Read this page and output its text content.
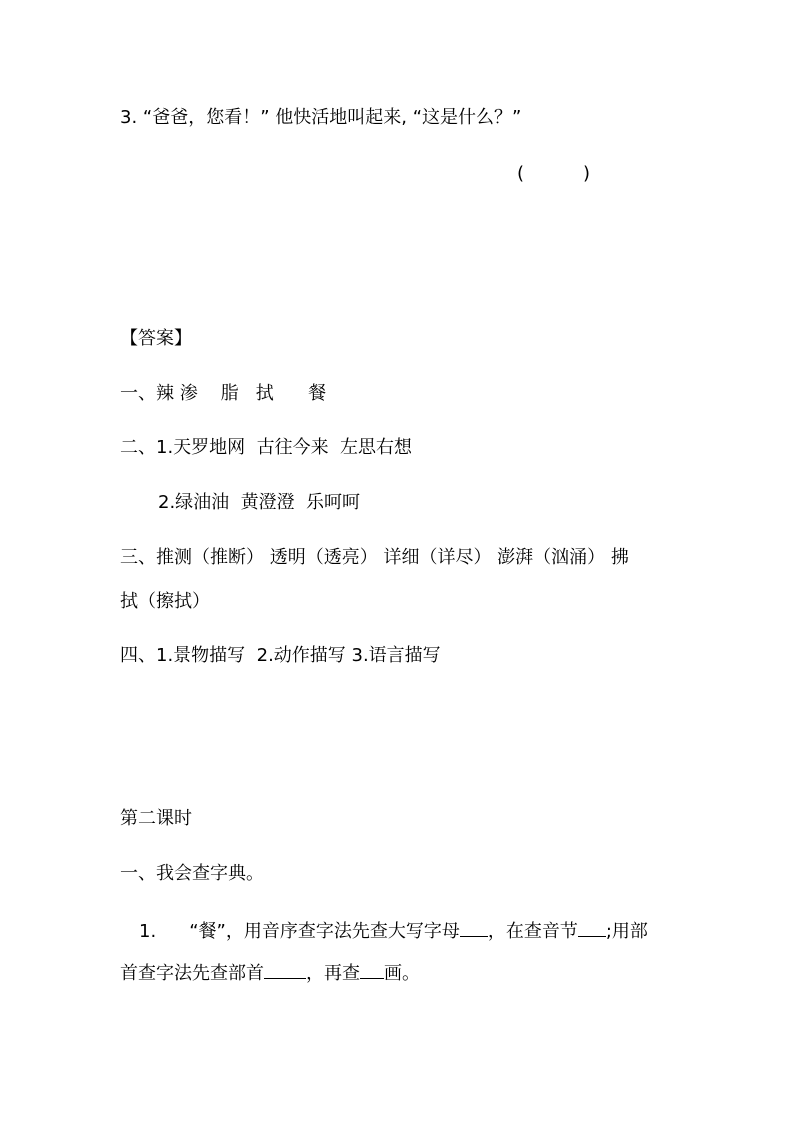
3. “爸爸，您看！” 他快活地叫起来, “这是什么？”

(	)

【答案】

一、辣 渗    脂   拭      餐

二、1.天罗地网  古往今来  左思右想

2.绿油油  黄澄澄  乐呵呵

三、推测（推断） 透明（透亮） 详细（详尽） 澎湃（汹涌） 拂

拭（擦拭）

四、1.景物描写  2.动作描写 3.语言描写

第二课时

一、我会查字典。

1. “餐”，用音序查字法先查大写字母 ，在查音节 ;用部

首查字法先查部首 ，再查 画。
